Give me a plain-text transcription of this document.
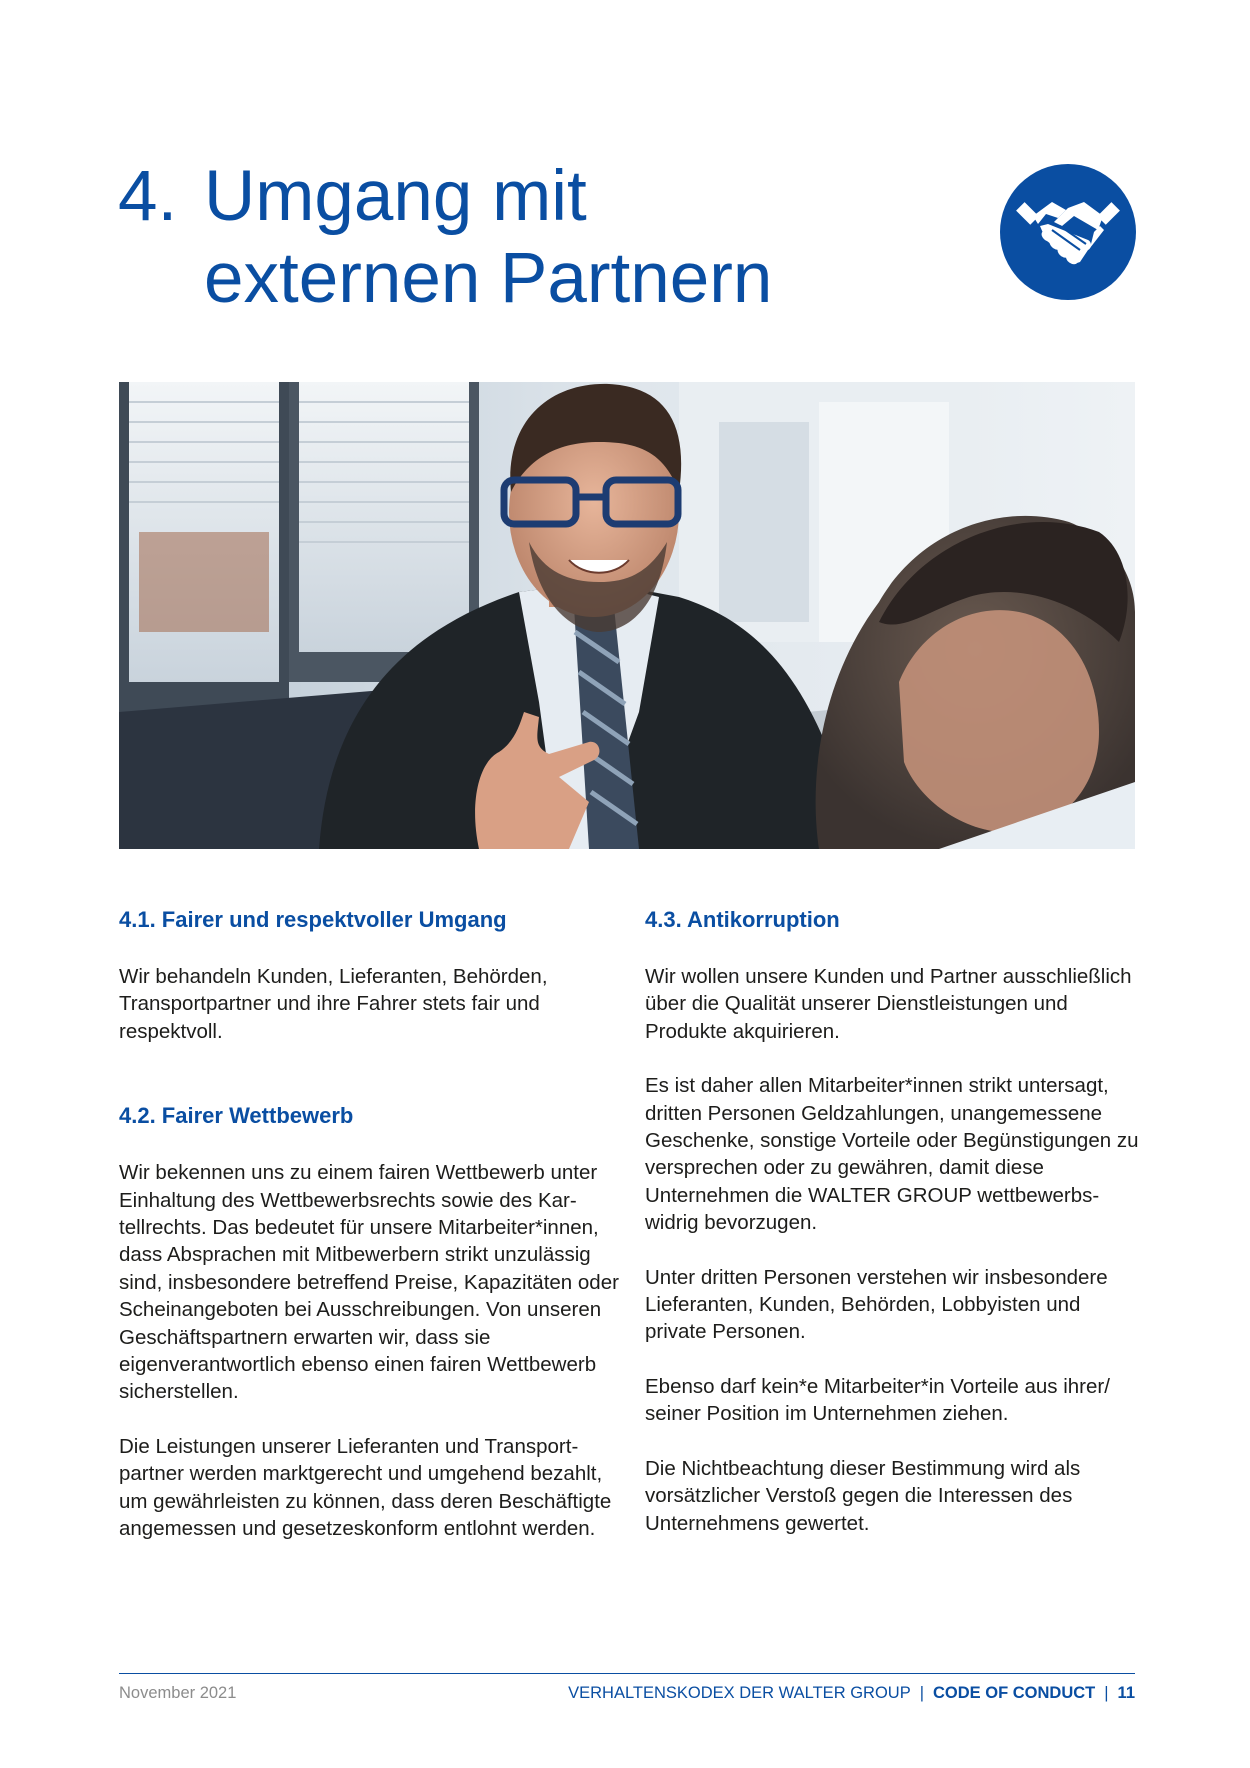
4. Umgang mit
externen Partnern
4.1. Fairer und respektvoller Umgang

Wir behandeln Kunden, Lieferanten, Behörden, Transportpartner und ihre Fahrer stets fair und respektvoll.

4.2. Fairer Wettbewerb

Wir bekennen uns zu einem fairen Wettbewerb unter Einhaltung des Wettbewerbsrechts sowie des Kartellrechts. Das bedeutet für unsere Mitarbeiter*innen, dass Absprachen mit Mitbewerbern strikt unzulässig sind, insbesondere betreffend Preise, Kapazitäten oder Scheinangeboten bei Ausschreibungen. Von unseren Geschäftspartnern erwarten wir, dass sie eigenverantwortlich ebenso einen fairen Wettbewerb sicherstellen.

Die Leistungen unserer Lieferanten und Transportpartner werden marktgerecht und umgehend bezahlt, um gewährleisten zu können, dass deren Beschäftigte angemessen und gesetzeskonform entlohnt werden.

4.3. Antikorruption

Wir wollen unsere Kunden und Partner ausschließlich über die Qualität unserer Dienstleistungen und Produkte akquirieren.

Es ist daher allen Mitarbeiter*innen strikt untersagt, dritten Personen Geldzahlungen, unangemessene Geschenke, sonstige Vorteile oder Begünstigungen zu versprechen oder zu gewähren, damit diese Unternehmen die WALTER GROUP wettbewerbswidrig bevorzugen.

Unter dritten Personen verstehen wir insbesondere Lieferanten, Kunden, Behörden, Lobbyisten und private Personen.

Ebenso darf kein*e Mitarbeiter*in Vorteile aus ihrer/ seiner Position im Unternehmen ziehen.

Die Nichtbeachtung dieser Bestimmung wird als vorsätzlicher Verstoß gegen die Interessen des Unternehmens gewertet.

November 2021	VERHALTENSKODEX DER WALTER GROUP | CODE OF CONDUCT | 11
